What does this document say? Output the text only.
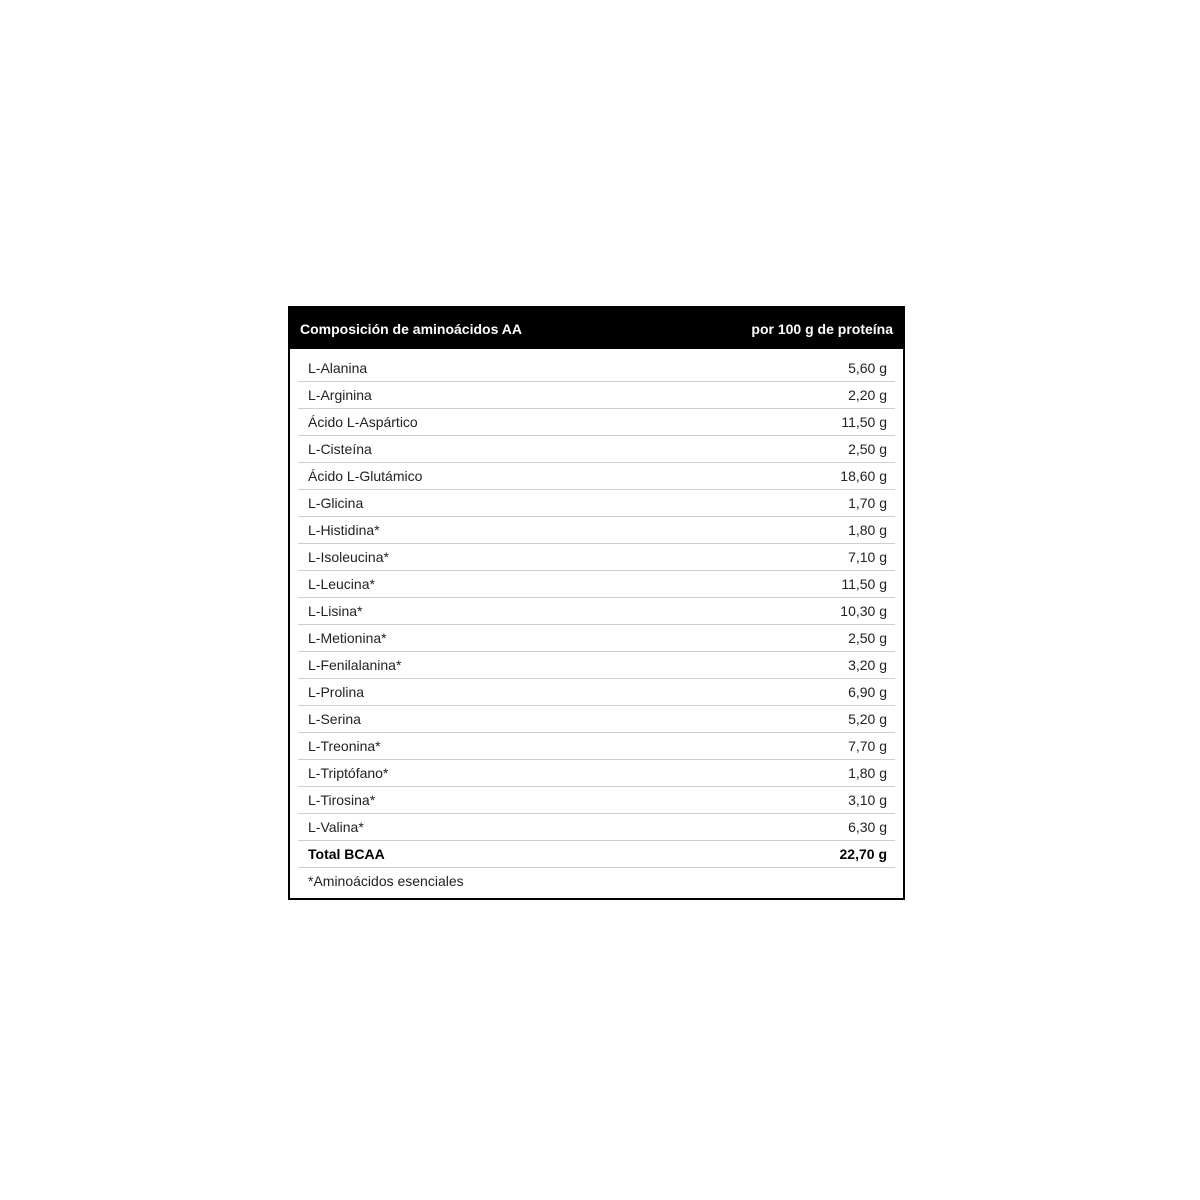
Composición de aminoácidos AA	por 100 g de proteína
L-Alanina	5,60 g
L-Arginina	2,20 g
Ácido L-Aspártico	11,50 g
L-Cisteína	2,50 g
Ácido L-Glutámico	18,60 g
L-Glicina	1,70 g
L-Histidina*	1,80 g
L-Isoleucina*	7,10 g
L-Leucina*	11,50 g
L-Lisina*	10,30 g
L-Metionina*	2,50 g
L-Fenilalanina*	3,20 g
L-Prolina	6,90 g
L-Serina	5,20 g
L-Treonina*	7,70 g
L-Triptófano*	1,80 g
L-Tirosina*	3,10 g
L-Valina*	6,30 g
Total BCAA	22,70 g
*Aminoácidos esenciales
